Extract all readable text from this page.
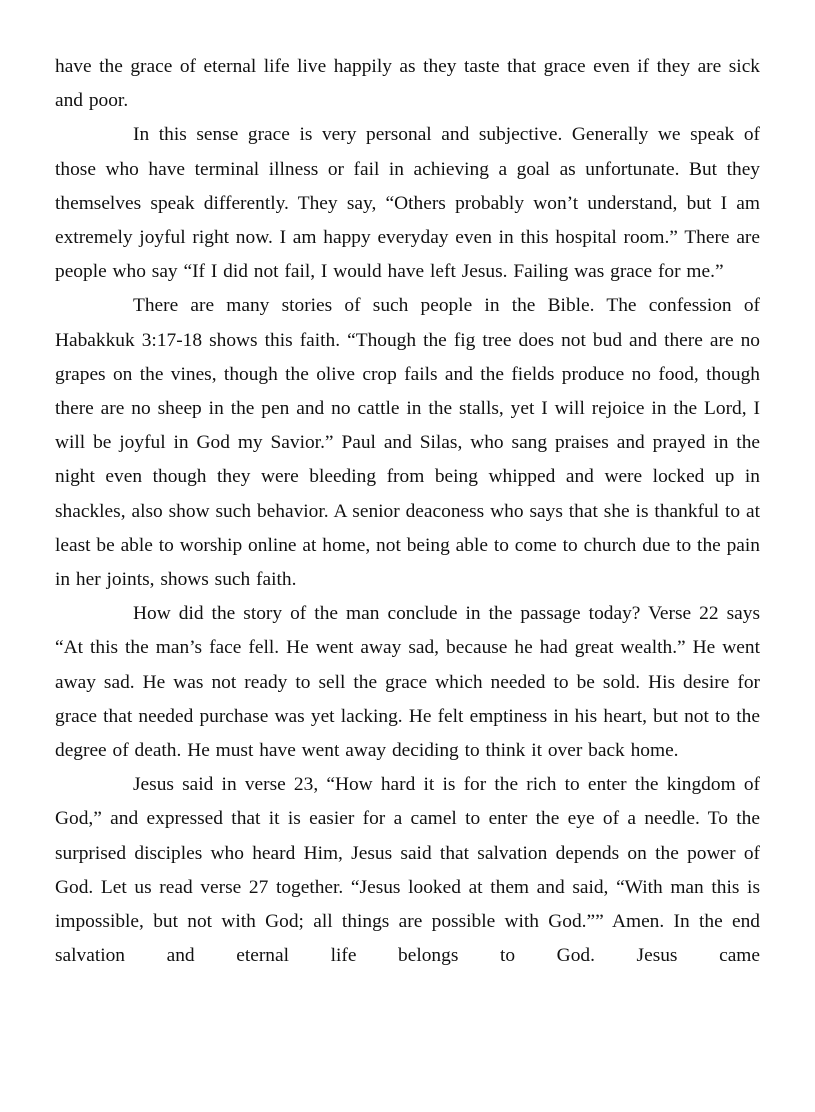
have the grace of eternal life live happily as they taste that grace even if they are sick and poor.

In this sense grace is very personal and subjective. Generally we speak of those who have terminal illness or fail in achieving a goal as unfortunate. But they themselves speak differently. They say, “Others probably won’t understand, but I am extremely joyful right now. I am happy everyday even in this hospital room.” There are people who say “If I did not fail, I would have left Jesus. Failing was grace for me.”

There are many stories of such people in the Bible. The confession of Habakkuk 3:17-18 shows this faith. “Though the fig tree does not bud and there are no grapes on the vines, though the olive crop fails and the fields produce no food, though there are no sheep in the pen and no cattle in the stalls, yet I will rejoice in the Lord, I will be joyful in God my Savior.” Paul and Silas, who sang praises and prayed in the night even though they were bleeding from being whipped and were locked up in shackles, also show such behavior. A senior deaconess who says that she is thankful to at least be able to worship online at home, not being able to come to church due to the pain in her joints, shows such faith.

How did the story of the man conclude in the passage today? Verse 22 says “At this the man’s face fell. He went away sad, because he had great wealth.” He went away sad. He was not ready to sell the grace which needed to be sold. His desire for grace that needed purchase was yet lacking. He felt emptiness in his heart, but not to the degree of death. He must have went away deciding to think it over back home.

Jesus said in verse 23, “How hard it is for the rich to enter the kingdom of God,” and expressed that it is easier for a camel to enter the eye of a needle. To the surprised disciples who heard Him, Jesus said that salvation depends on the power of God. Let us read verse 27 together. “Jesus looked at them and said, “With man this is impossible, but not with God; all things are possible with God.”” Amen. In the end salvation and eternal life belongs to God. Jesus came
